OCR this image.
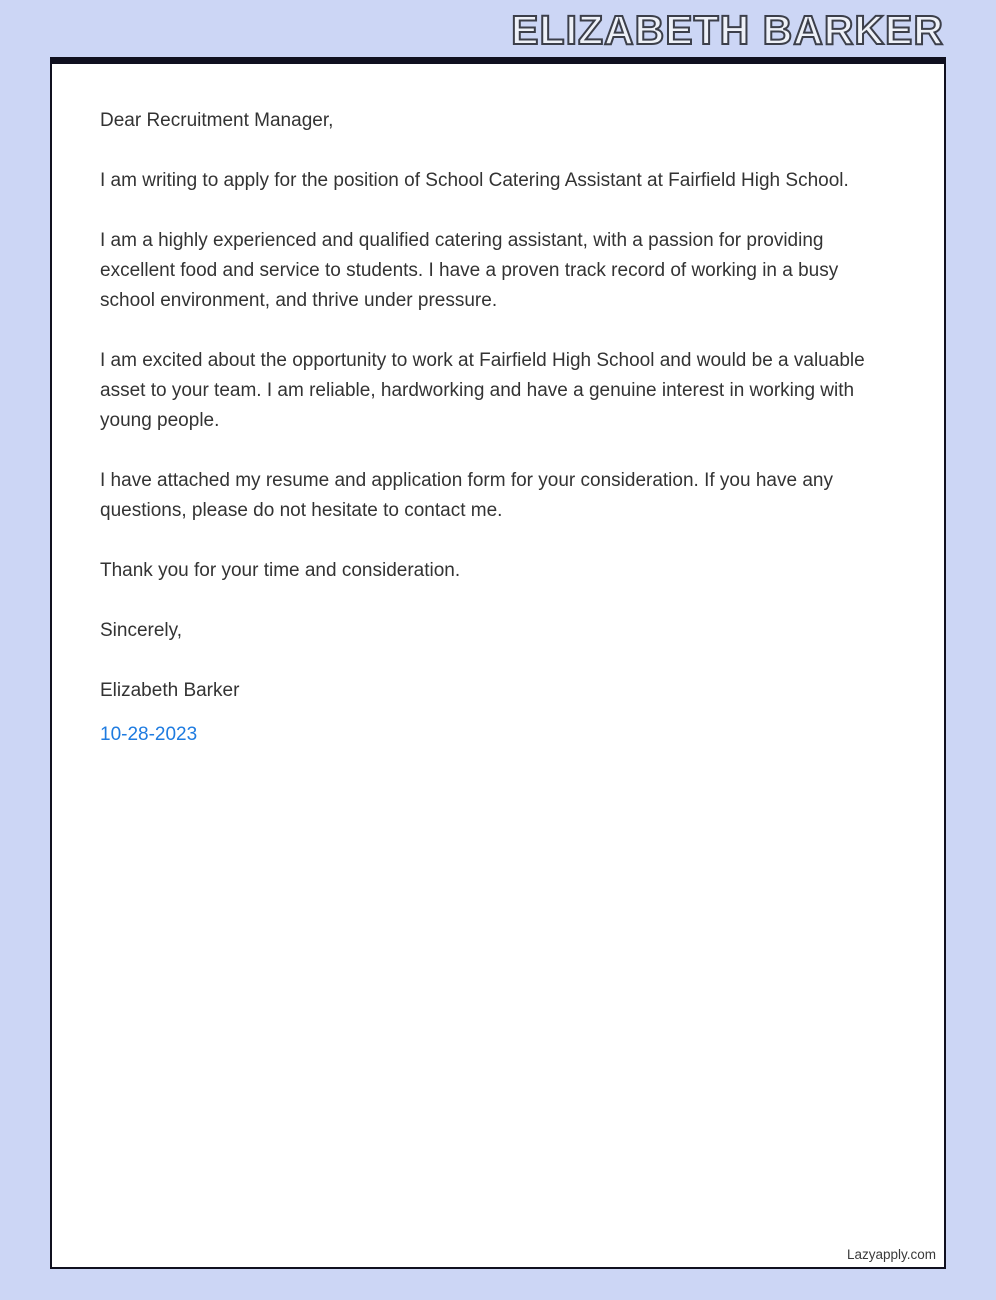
ELIZABETH BARKER

Dear Recruitment Manager,

I am writing to apply for the position of School Catering Assistant at Fairfield High School.

I am a highly experienced and qualified catering assistant, with a passion for providing excellent food and service to students. I have a proven track record of working in a busy school environment, and thrive under pressure.

I am excited about the opportunity to work at Fairfield High School and would be a valuable asset to your team. I am reliable, hardworking and have a genuine interest in working with young people.

I have attached my resume and application form for your consideration. If you have any questions, please do not hesitate to contact me.

Thank you for your time and consideration.

Sincerely,

Elizabeth Barker

10-28-2023

Lazyapply.com
